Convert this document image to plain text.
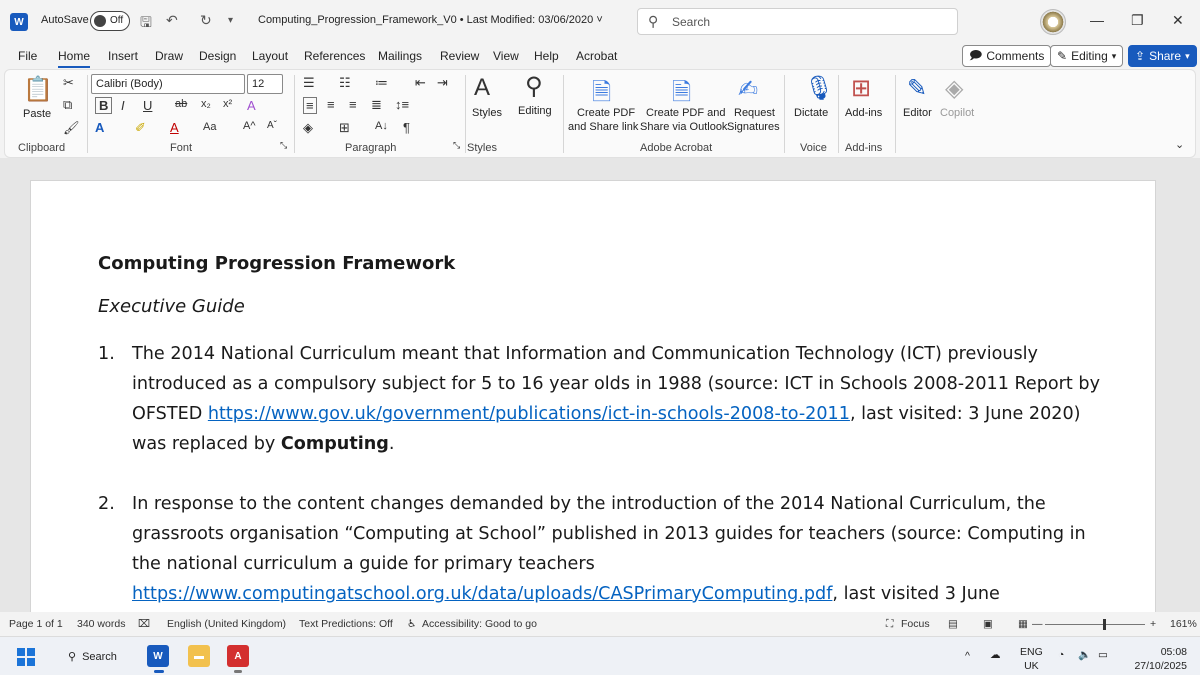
W	AutoSave Off 🖫 ↶ ↻ ▾ Computing_Progression_Framework_V0 • Last Modified: 03/06/2020 ˅	⚲ Search	— ❐ ✕
File Home Insert Draw Design Layout References Mailings Review View Help Acrobat	🗩 Comments ✎ Editing ▾ ⇪ Share ▾
📋
Paste
✂
⧉
🖌
Clipboard
Calibri (Body)	12
B I U ab x₂ x² A
A ✐ A Aa A^ Aˇ
Font	⤡
☰ ☷ ≔ ⇤ ⇥
≡ ≡ ≡ ≣ ↕≡
◈ ⊞ A↓ ¶
Paragraph	⤡
A
Styles
⚲
Editing
Styles
🗎
Create PDF
and Share link
🗎
Create PDF and
Share via Outlook
✍
Request
Signatures
Adobe Acrobat
🎙
Dictate
Voice
⊞
Add-ins
Add-ins
✎
Editor
◈
Copilot
⌄
Computing Progression Framework
Executive Guide
1. The 2014 National Curriculum meant that Information and Communication Technology (ICT) previously introduced as a compulsory subject for 5 to 16 year olds in 1988 (source: ICT in Schools 2008-2011 Report by OFSTED https://www.gov.uk/government/publications/ict-in-schools-2008-to-2011, last visited: 3 June 2020) was replaced by Computing.
2. In response to the content changes demanded by the introduction of the 2014 National Curriculum, the grassroots organisation “Computing at School” published in 2013 guides for teachers (source: Computing in the national curriculum a guide for primary teachers https://www.computingatschool.org.uk/data/uploads/CASPrimaryComputing.pdf, last visited 3 June
Page 1 of 1 340 words ⌧ English (United Kingdom) Text Predictions: Off ♿ Accessibility: Good to go	⛶ Focus ▤ ▣ ▦ —	+ 161%
⚲ Search	W	▬	A	^ ☁ ENG
UK
◔ 🔈 ▭	05:08
27/10/2025
